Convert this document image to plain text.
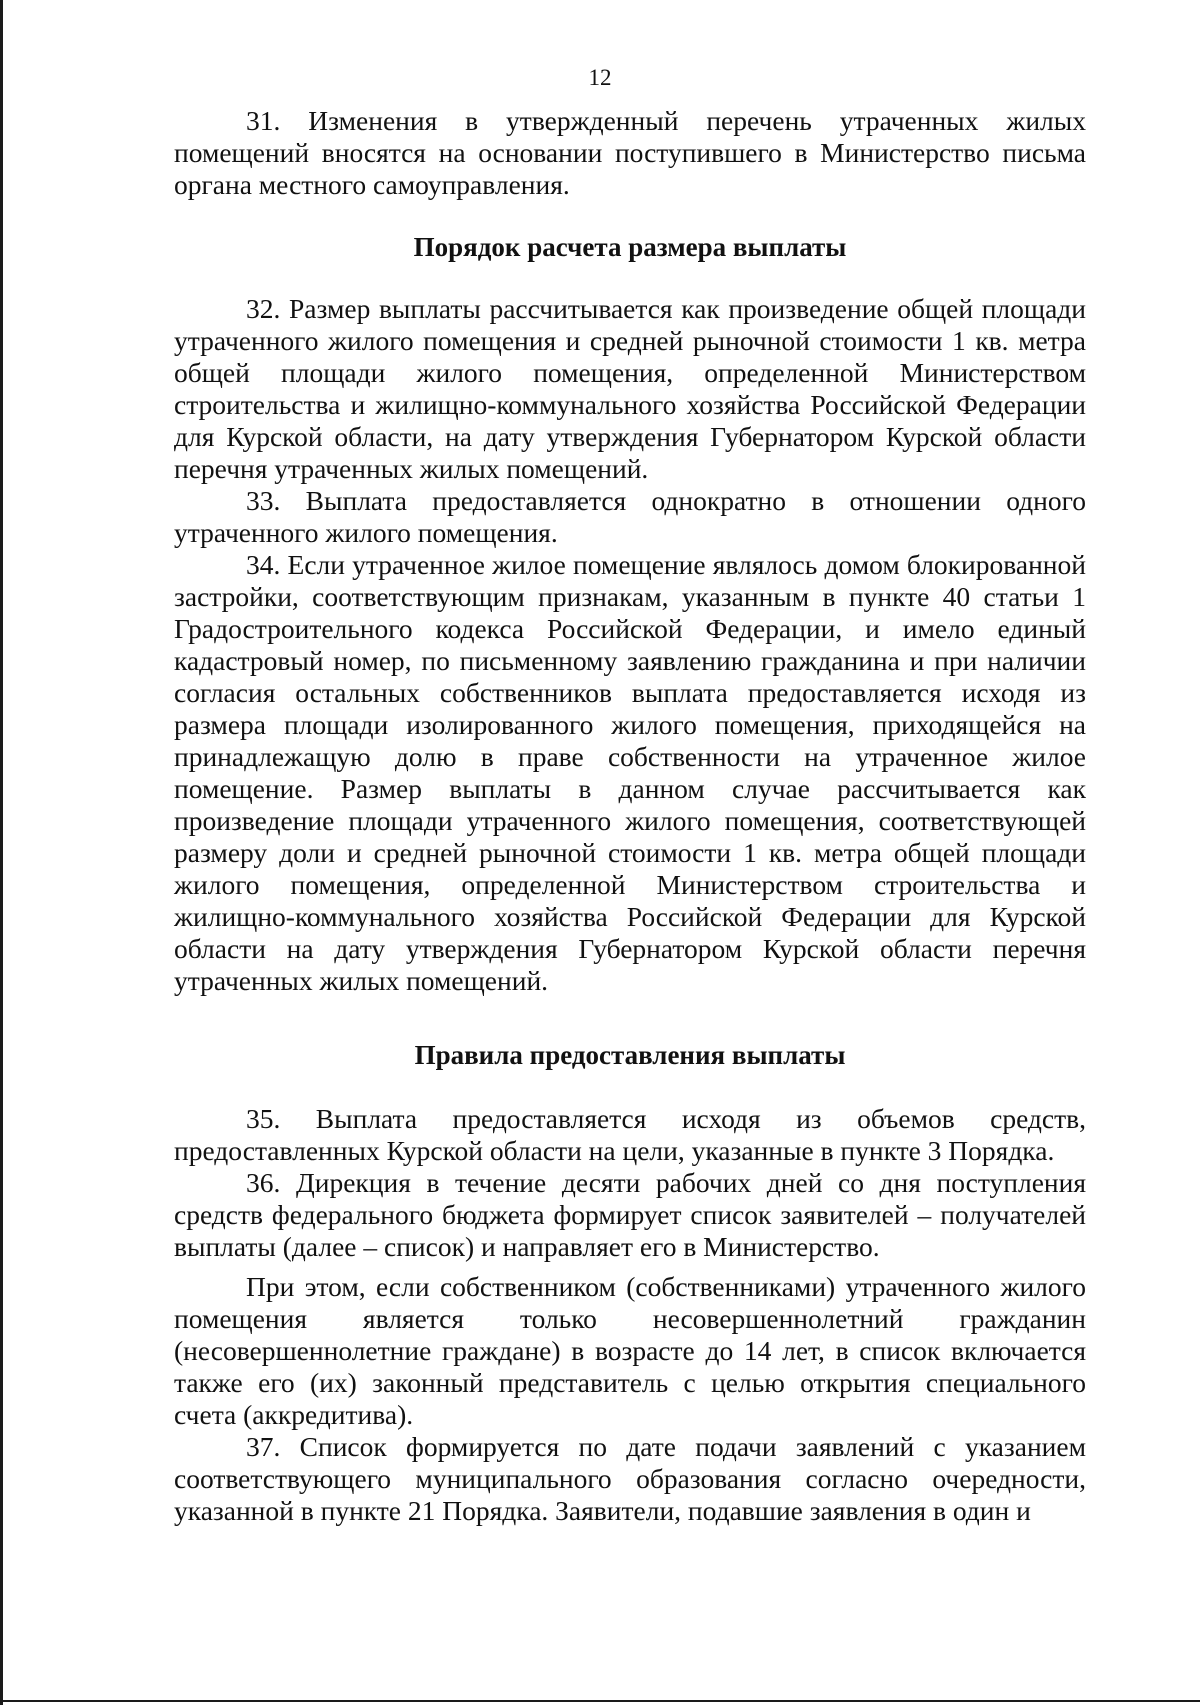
12

31. Изменения в утвержденный перечень утраченных жилых помещений вносятся на основании поступившего в Министерство письма органа местного самоуправления.

Порядок расчета размера выплаты

32. Размер выплаты рассчитывается как произведение общей площади утраченного жилого помещения и средней рыночной стоимости 1 кв. метра общей площади жилого помещения, определенной Министерством строительства и жилищно-коммунального хозяйства Российской Федерации для Курской области, на дату утверждения Губернатором Курской области перечня утраченных жилых помещений.

33. Выплата предоставляется однократно в отношении одного утраченного жилого помещения.

34. Если утраченное жилое помещение являлось домом блокированной застройки, соответствующим признакам, указанным в пункте 40 статьи 1 Градостроительного кодекса Российской Федерации, и имело единый кадастровый номер, по письменному заявлению гражданина и при наличии согласия остальных собственников выплата предоставляется исходя из размера площади изолированного жилого помещения, приходящейся на принадлежащую долю в праве собственности на утраченное жилое помещение. Размер выплаты в данном случае рассчитывается как произведение площади утраченного жилого помещения, соответствующей размеру доли и средней рыночной стоимости 1 кв. метра общей площади жилого помещения, определенной Министерством строительства и жилищно-коммунального хозяйства Российской Федерации для Курской области на дату утверждения Губернатором Курской области перечня утраченных жилых помещений.

Правила предоставления выплаты

35. Выплата предоставляется исходя из объемов средств, предоставленных Курской области на цели, указанные в пункте 3 Порядка.

36. Дирекция в течение десяти рабочих дней со дня поступления средств федерального бюджета формирует список заявителей – получателей выплаты (далее – список) и направляет его в Министерство.

При этом, если собственником (собственниками) утраченного жилого помещения является только несовершеннолетний гражданин (несовершеннолетние граждане) в возрасте до 14 лет, в список включается также его (их) законный представитель с целью открытия специального счета (аккредитива).

37. Список формируется по дате подачи заявлений с указанием соответствующего муниципального образования согласно очередности, указанной в пункте 21 Порядка. Заявители, подавшие заявления в один и
